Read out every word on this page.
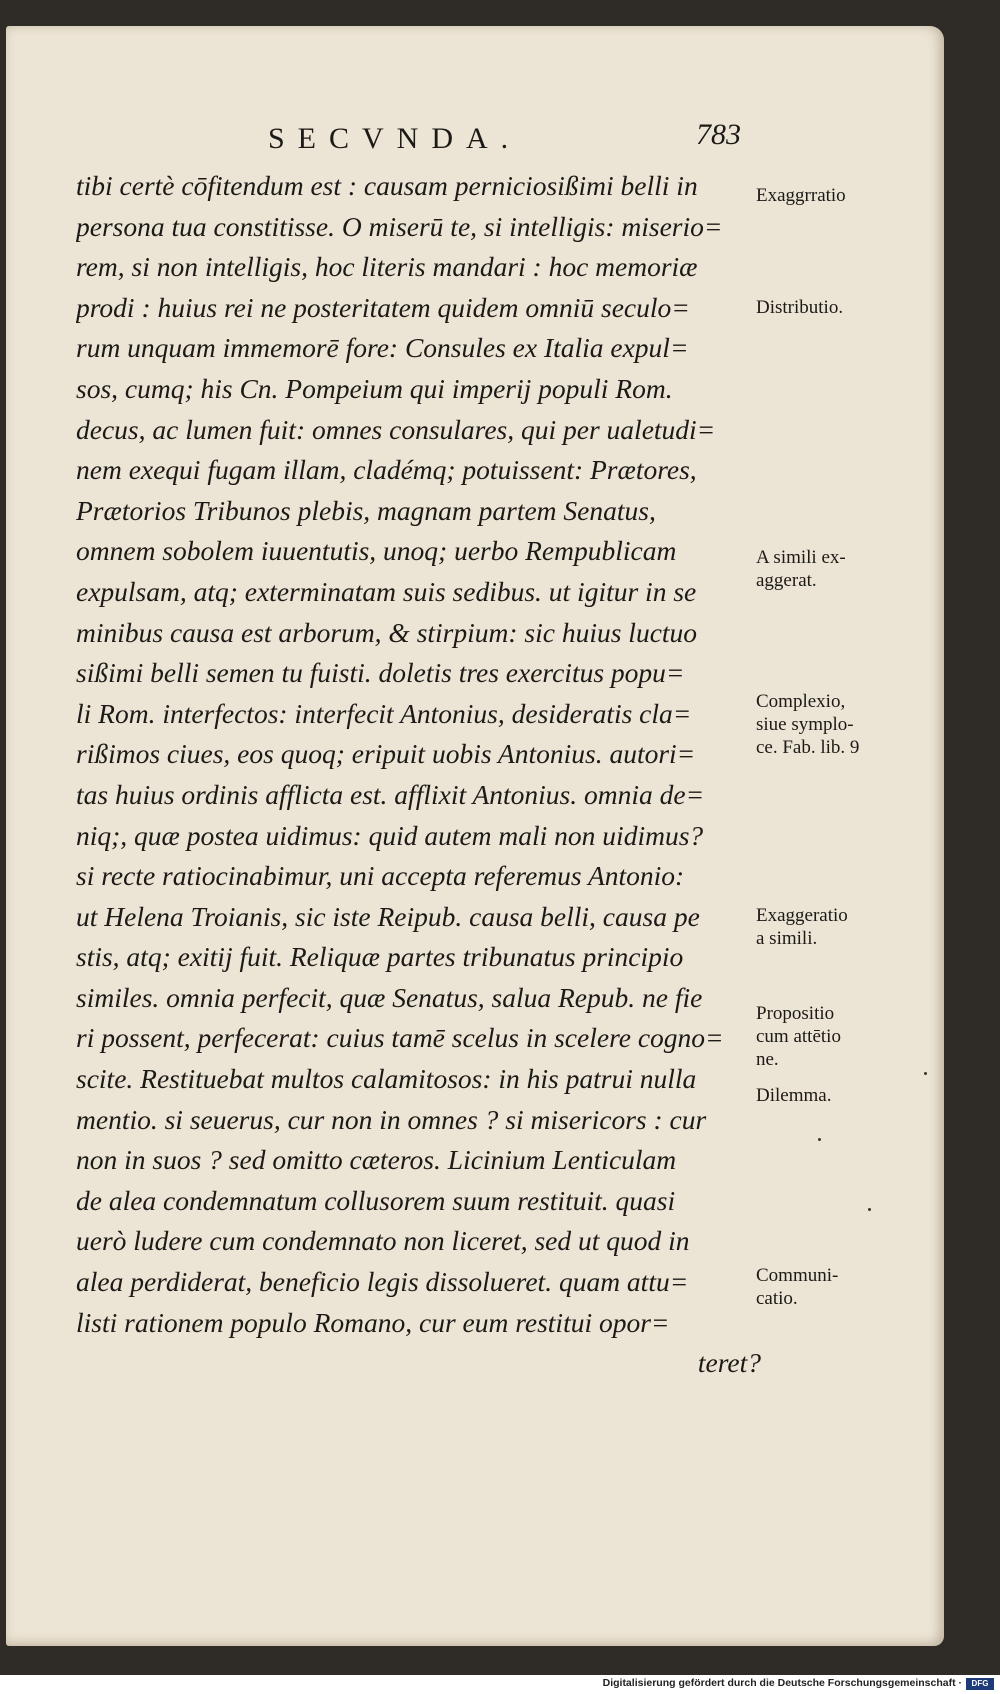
SECVNDA.	783
tibi certè cōfitendum est : causam perniciosißimi belli in
persona tua constitisse. O miserū te, si intelligis: miserio=
rem, si non intelligis, hoc literis mandari : hoc memoriæ
prodi : huius rei ne posteritatem quidem omniū seculo=
rum unquam immemorē fore: Consules ex Italia expul=
sos, cumq; his Cn. Pompeium qui imperij populi Rom.
decus, ac lumen fuit: omnes consulares, qui per ualetudi=
nem exequi fugam illam, cladémq; potuissent: Prætores,
Prætorios Tribunos plebis, magnam partem Senatus,
omnem sobolem iuuentutis, unoq; uerbo Rempublicam
expulsam, atq; exterminatam suis sedibus. ut igitur in se
minibus causa est arborum, & stirpium: sic huius luctuo
sißimi belli semen tu fuisti. doletis tres exercitus popu=
li Rom. interfectos: interfecit Antonius, desideratis cla=
rißimos ciues, eos quoq; eripuit uobis Antonius. autori=
tas huius ordinis afflicta est. afflixit Antonius. omnia de=
niq;, quæ postea uidimus: quid autem mali non uidimus?
si recte ratiocinabimur, uni accepta referemus Antonio:
ut Helena Troianis, sic iste Reipub. causa belli, causa pe
stis, atq; exitij fuit. Reliquæ partes tribunatus principio
similes. omnia perfecit, quæ Senatus, salua Repub. ne fie
ri possent, perfecerat: cuius tamē scelus in scelere cogno=
scite. Restituebat multos calamitosos: in his patrui nulla
mentio. si seuerus, cur non in omnes ? si misericors : cur
non in suos ? sed omitto cæteros. Licinium Lenticulam
de alea condemnatum collusorem suum restituit. quasi
uerò ludere cum condemnato non liceret, sed ut quod in
alea perdiderat, beneficio legis dissolueret. quam attu=
listi rationem populo Romano, cur eum restitui opor=
teret?
Exaggrratio
Distributio.
A simili ex-
aggerat.
Complexio,
siue symplo-
ce. Fab. lib. 9
Exaggeratio
a simili.
Propositio
cum attētio
ne.
Dilemma.
Communi-
catio.
Digitalisierung gefördert durch die Deutsche Forschungsgemeinschaft ·	DFG
